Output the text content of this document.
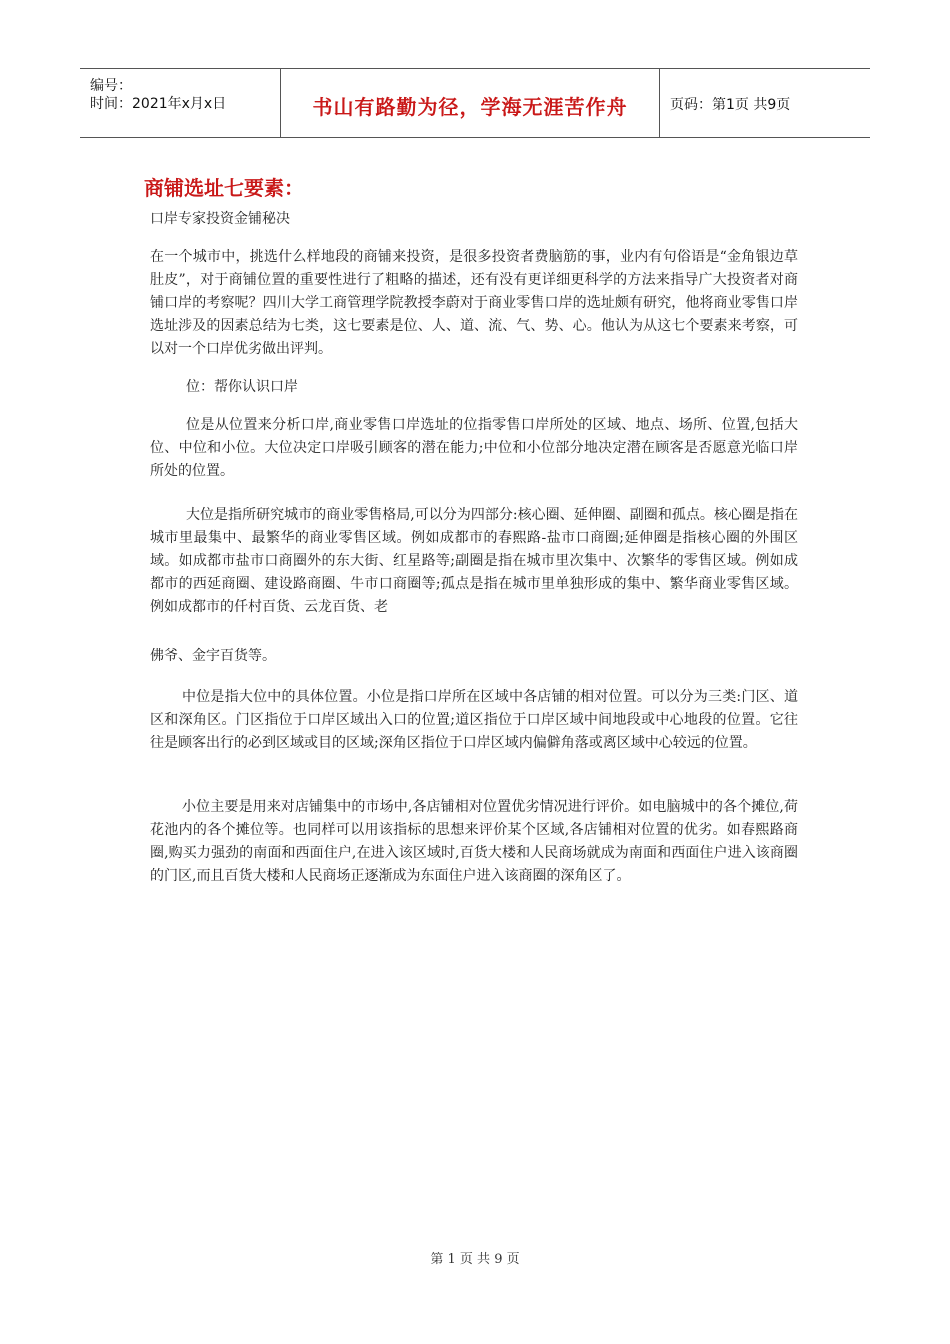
编号：
时间：2021年x月x日	书山有路勤为径，学海无涯苦作舟	页码：第1页 共9页
商铺选址七要素：
口岸专家投资金铺秘决
在一个城市中，挑选什么样地段的商铺来投资，是很多投资者费脑筋的事，业内有句俗语是“金角银边草肚皮”，对于商铺位置的重要性进行了粗略的描述，还有没有更详细更科学的方法来指导广大投资者对商铺口岸的考察呢？四川大学工商管理学院教授李蔚对于商业零售口岸的选址颇有研究，他将商业零售口岸选址涉及的因素总结为七类，这七要素是位、人、道、流、气、势、心。他认为从这七个要素来考察，可以对一个口岸优劣做出评判。
位：帮你认识口岸
位是从位置来分析口岸,商业零售口岸选址的位指零售口岸所处的区域、地点、场所、位置,包括大位、中位和小位。大位决定口岸吸引顾客的潜在能力;中位和小位部分地决定潜在顾客是否愿意光临口岸所处的位置。
大位是指所研究城市的商业零售格局,可以分为四部分:核心圈、延伸圈、副圈和孤点。核心圈是指在城市里最集中、最繁华的商业零售区域。例如成都市的春熙路-盐市口商圈;延伸圈是指核心圈的外围区域。如成都市盐市口商圈外的东大街、红星路等;副圈是指在城市里次集中、次繁华的零售区域。例如成都市的西延商圈、建设路商圈、牛市口商圈等;孤点是指在城市里单独形成的集中、繁华商业零售区域。例如成都市的仟村百货、云龙百货、老
佛爷、金宇百货等。
中位是指大位中的具体位置。小位是指口岸所在区域中各店铺的相对位置。可以分为三类:门区、道区和深角区。门区指位于口岸区域出入口的位置;道区指位于口岸区域中间地段或中心地段的位置。它往往是顾客出行的必到区域或目的区域;深角区指位于口岸区域内偏僻角落或离区域中心较远的位置。
小位主要是用来对店铺集中的市场中,各店铺相对位置优劣情况进行评价。如电脑城中的各个摊位,荷花池内的各个摊位等。也同样可以用该指标的思想来评价某个区域,各店铺相对位置的优劣。如春熙路商圈,购买力强劲的南面和西面住户,在进入该区域时,百货大楼和人民商场就成为南面和西面住户进入该商圈的门区,而且百货大楼和人民商场正逐渐成为东面住户进入该商圈的深角区了。
第 1 页 共 9 页
